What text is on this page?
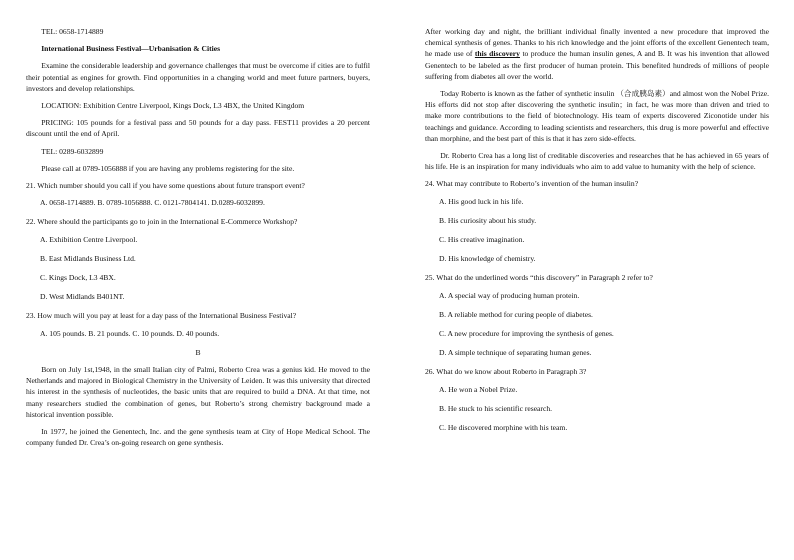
TEL: 0658-1714889

International Business Festival—Urbanisation & Cities

Examine the considerable leadership and governance challenges that must be overcome if cities are to fulfil their potential as engines for growth. Find opportunities in a changing world and meet future partners, buyers, investors and develop relationships.

LOCATION: Exhibition Centre Liverpool, Kings Dock, L3 4BX, the United Kingdom

PRICING: 105 pounds for a festival pass and 50 pounds for a day pass. FEST11 provides a 20 percent discount until the end of April.

TEL: 0289-6032899

Please call at 0789-1056888 if you are having any problems registering for the site.

21. Which number should you call if you have some questions about future transport event?

A. 0658-1714889. B. 0789-1056888. C. 0121-7804141. D.0289-6032899.

22. Where should the participants go to join in the International E-Commerce Workshop?

A. Exhibition Centre Liverpool.

B. East Midlands Business Ltd.

C. Kings Dock, L3 4BX.

D. West Midlands B401NT.

23. How much will you pay at least for a day pass of the International Business Festival?

A. 105 pounds. B. 21 pounds. C. 10 pounds. D. 40 pounds.

B

Born on July 1st,1948, in the small Italian city of Palmi, Roberto Crea was a genius kid. He moved to the Netherlands and majored in Biological Chemistry in the University of Leiden. It was this university that directed his interest in the synthesis of nucleotides, the basic units that are required to build a DNA. At that time, not many researchers studied the combination of genes, but Roberto’s strong chemistry background made a historical invention possible.

In 1977, he joined the Genentech, Inc. and the gene synthesis team at City of Hope Medical School. The company funded Dr. Crea’s on-going research on gene synthesis.

After working day and night, the brilliant individual finally invented a new procedure that improved the chemical synthesis of genes. Thanks to his rich knowledge and the joint efforts of the excellent Genentech team, he made use of this discovery to produce the human insulin genes, A and B. It was his invention that allowed Genentech to be labeled as the first producer of human protein. This benefited hundreds of millions of people suffering from diabetes all over the world.

Today Roberto is known as the father of synthetic insulin （合成胰岛素）and almost won the Nobel Prize. His efforts did not stop after discovering the synthetic insulin；in fact, he was more than driven and tried to make more contributions to the field of biotechnology. His team of experts discovered Ziconotide under his teachings and guidance. According to leading scientists and researchers, this drug is more powerful and effective than morphine, and the best part of this is that it has zero side-effects.

Dr. Roberto Crea has a long list of creditable discoveries and researches that he has achieved in 65 years of his life. He is an inspiration for many individuals who aim to add value to humanity with the help of science.

24. What may contribute to Roberto’s invention of the human insulin?

A. His good luck in his life.

B. His curiosity about his study.

C. His creative imagination.

D. His knowledge of chemistry.

25. What do the underlined words “this discovery” in Paragraph 2 refer to?

A. A special way of producing human protein.

B. A reliable method for curing people of diabetes.

C. A new procedure for improving the synthesis of genes.

D. A simple technique of separating human genes.

26. What do we know about Roberto in Paragraph 3?

A. He won a Nobel Prize.

B. He stuck to his scientific research.

C. He discovered morphine with his team.
